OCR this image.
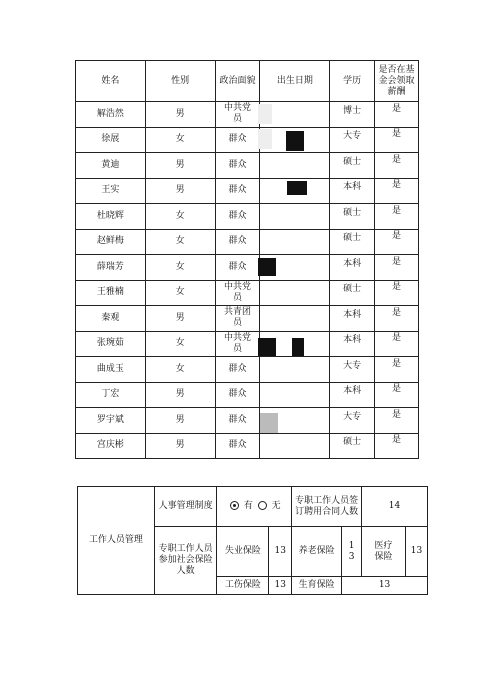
姓名	性别	政治面貌	出生日期	学历	是否在基金会领取薪酬

解浩然	男	中共党员		博士	是

徐展	女	群众		大专	是

黄迪	男	群众		硕士	是

王实	男	群众		本科	是

杜晓辉	女	群众		硕士	是

赵鲜梅	女	群众		硕士	是

薛瑞芳	女	群众		本科	是

王雅楠	女	中共党员		硕士	是

秦观	男	共青团员		本科	是

张琬茹	女	中共党员		本科	是

曲成玉	女	群众		大专	是

丁宏	男	群众		本科	是

罗宇斌	男	群众		大专	是

宫庆彬	男	群众		硕士	是
工作人员管理	人事管理制度	有 无		专职工作人员签订聘用合同人数		14	
	专职工作人员参加社会保险人数	失业保险	13	养老保险	13	医疗保险	13
		工伤保险	13	生育保险	13		
